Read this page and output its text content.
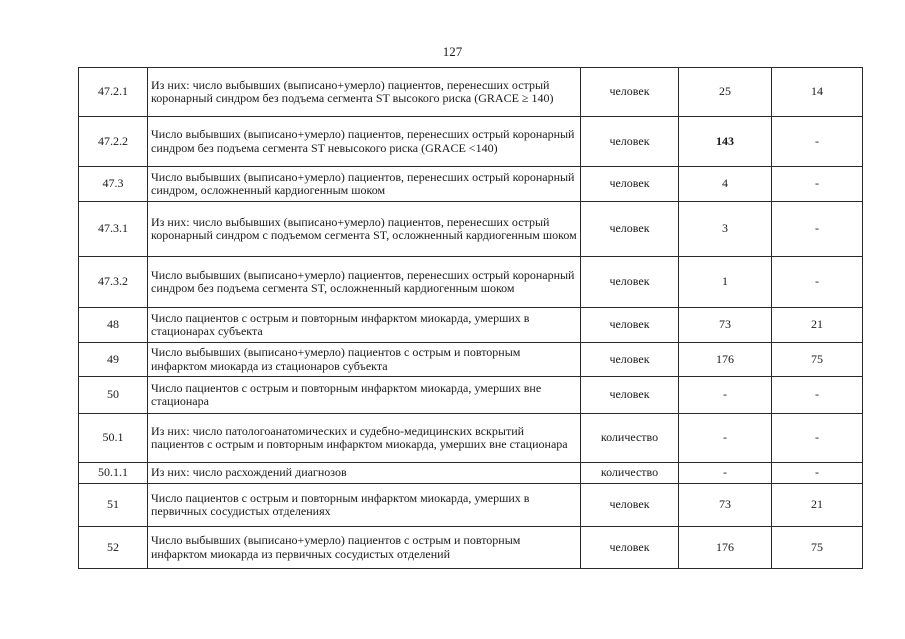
127
47.2.1	Из них: число выбывших (выписано+умерло) пациентов, перенесших острый коронарный синдром без подъема сегмента ST высокого риска (GRACE ≥ 140)	человек	25	14
47.2.2	Число выбывших (выписано+умерло) пациентов, перенесших острый коронарный синдром без подъема сегмента ST невысокого риска (GRACE <140)	человек	143	-
47.3	Число выбывших (выписано+умерло) пациентов, перенесших острый коронарный синдром, осложненный кардиогенным шоком	человек	4	-
47.3.1	Из них: число выбывших (выписано+умерло) пациентов, перенесших острый коронарный синдром с подъемом сегмента ST, осложненный кардиогенным шоком	человек	3	-
47.3.2	Число выбывших (выписано+умерло) пациентов, перенесших острый коронарный синдром без подъема сегмента ST, осложненный кардиогенным шоком	человек	1	-
48	Число пациентов с острым и повторным инфарктом миокарда, умерших в стационарах субъекта	человек	73	21
49	Число выбывших (выписано+умерло) пациентов с острым и повторным инфарктом миокарда из стационаров субъекта	человек	176	75
50	Число пациентов с острым и повторным инфарктом миокарда, умерших вне стационара	человек	-	-
50.1	Из них: число патологоанатомических и судебно-медицинских вскрытий пациентов с острым и повторным инфарктом миокарда, умерших вне стационара	количество	-	-
50.1.1	Из них: число расхождений диагнозов	количество	-	-
51	Число пациентов с острым и повторным инфарктом миокарда, умерших в первичных сосудистых отделениях	человек	73	21
52	Число выбывших (выписано+умерло) пациентов с острым и повторным инфарктом миокарда из первичных сосудистых отделений	человек	176	75
